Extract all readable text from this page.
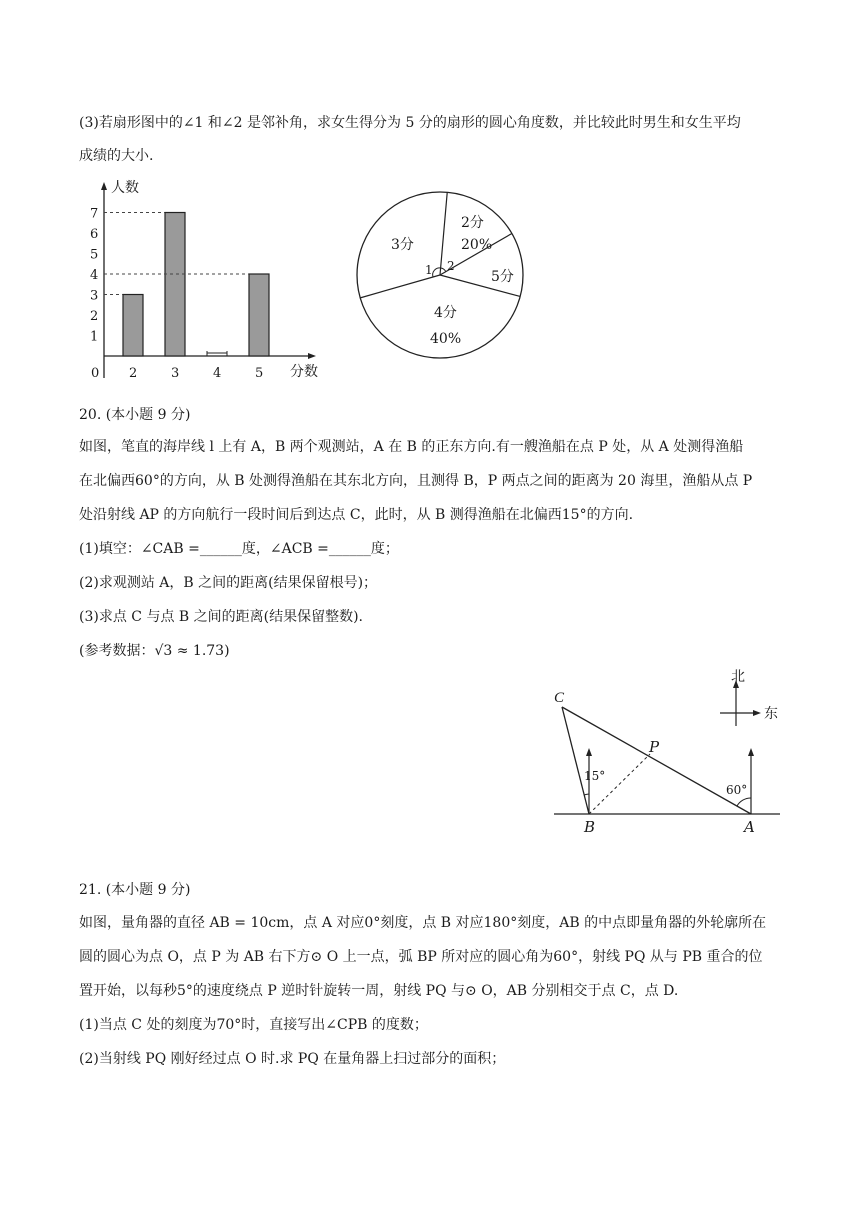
(3)若扇形图中的∠1 和∠2 是邻补角，求女生得分为 5 分的扇形的圆心角度数，并比较此时男生和女生平均
成绩的大小.
人数
分数
0
1
2
3
4
5
6
7
2	3	4	5
1 2
2分
20%
5分
4分
40%
3分
20. (本小题 9 分)
如图，笔直的海岸线 l 上有 A，B 两个观测站，A 在 B 的正东方向.有一艘渔船在点 P 处，从 A 处测得渔船
在北偏西60°的方向，从 B 处测得渔船在其东北方向，且测得 B，P 两点之间的距离为 20 海里，渔船从点 P
处沿射线 AP 的方向航行一段时间后到达点 C，此时，从 B 测得渔船在北偏西15°的方向.
(1)填空：∠CAB =______度，∠ACB =______度；
(2)求观测站 A，B 之间的距离(结果保留根号)；
(3)求点 C 与点 B 之间的距离(结果保留整数).
(参考数据：√3 ≈ 1.73)
北
东
C
P
B	A
15°
60°
21. (本小题 9 分)
如图，量角器的直径 AB = 10cm，点 A 对应0°刻度，点 B 对应180°刻度，AB 的中点即量角器的外轮廓所在
圆的圆心为点 O，点 P 为 AB 右下方⊙ O 上一点，弧 BP 所对应的圆心角为60°，射线 PQ 从与 PB 重合的位
置开始，以每秒5°的速度绕点 P 逆时针旋转一周，射线 PQ 与⊙ O，AB 分别相交于点 C，点 D.
(1)当点 C 处的刻度为70°时，直接写出∠CPB 的度数；
(2)当射线 PQ 刚好经过点 O 时.求 PQ 在量角器上扫过部分的面积；
